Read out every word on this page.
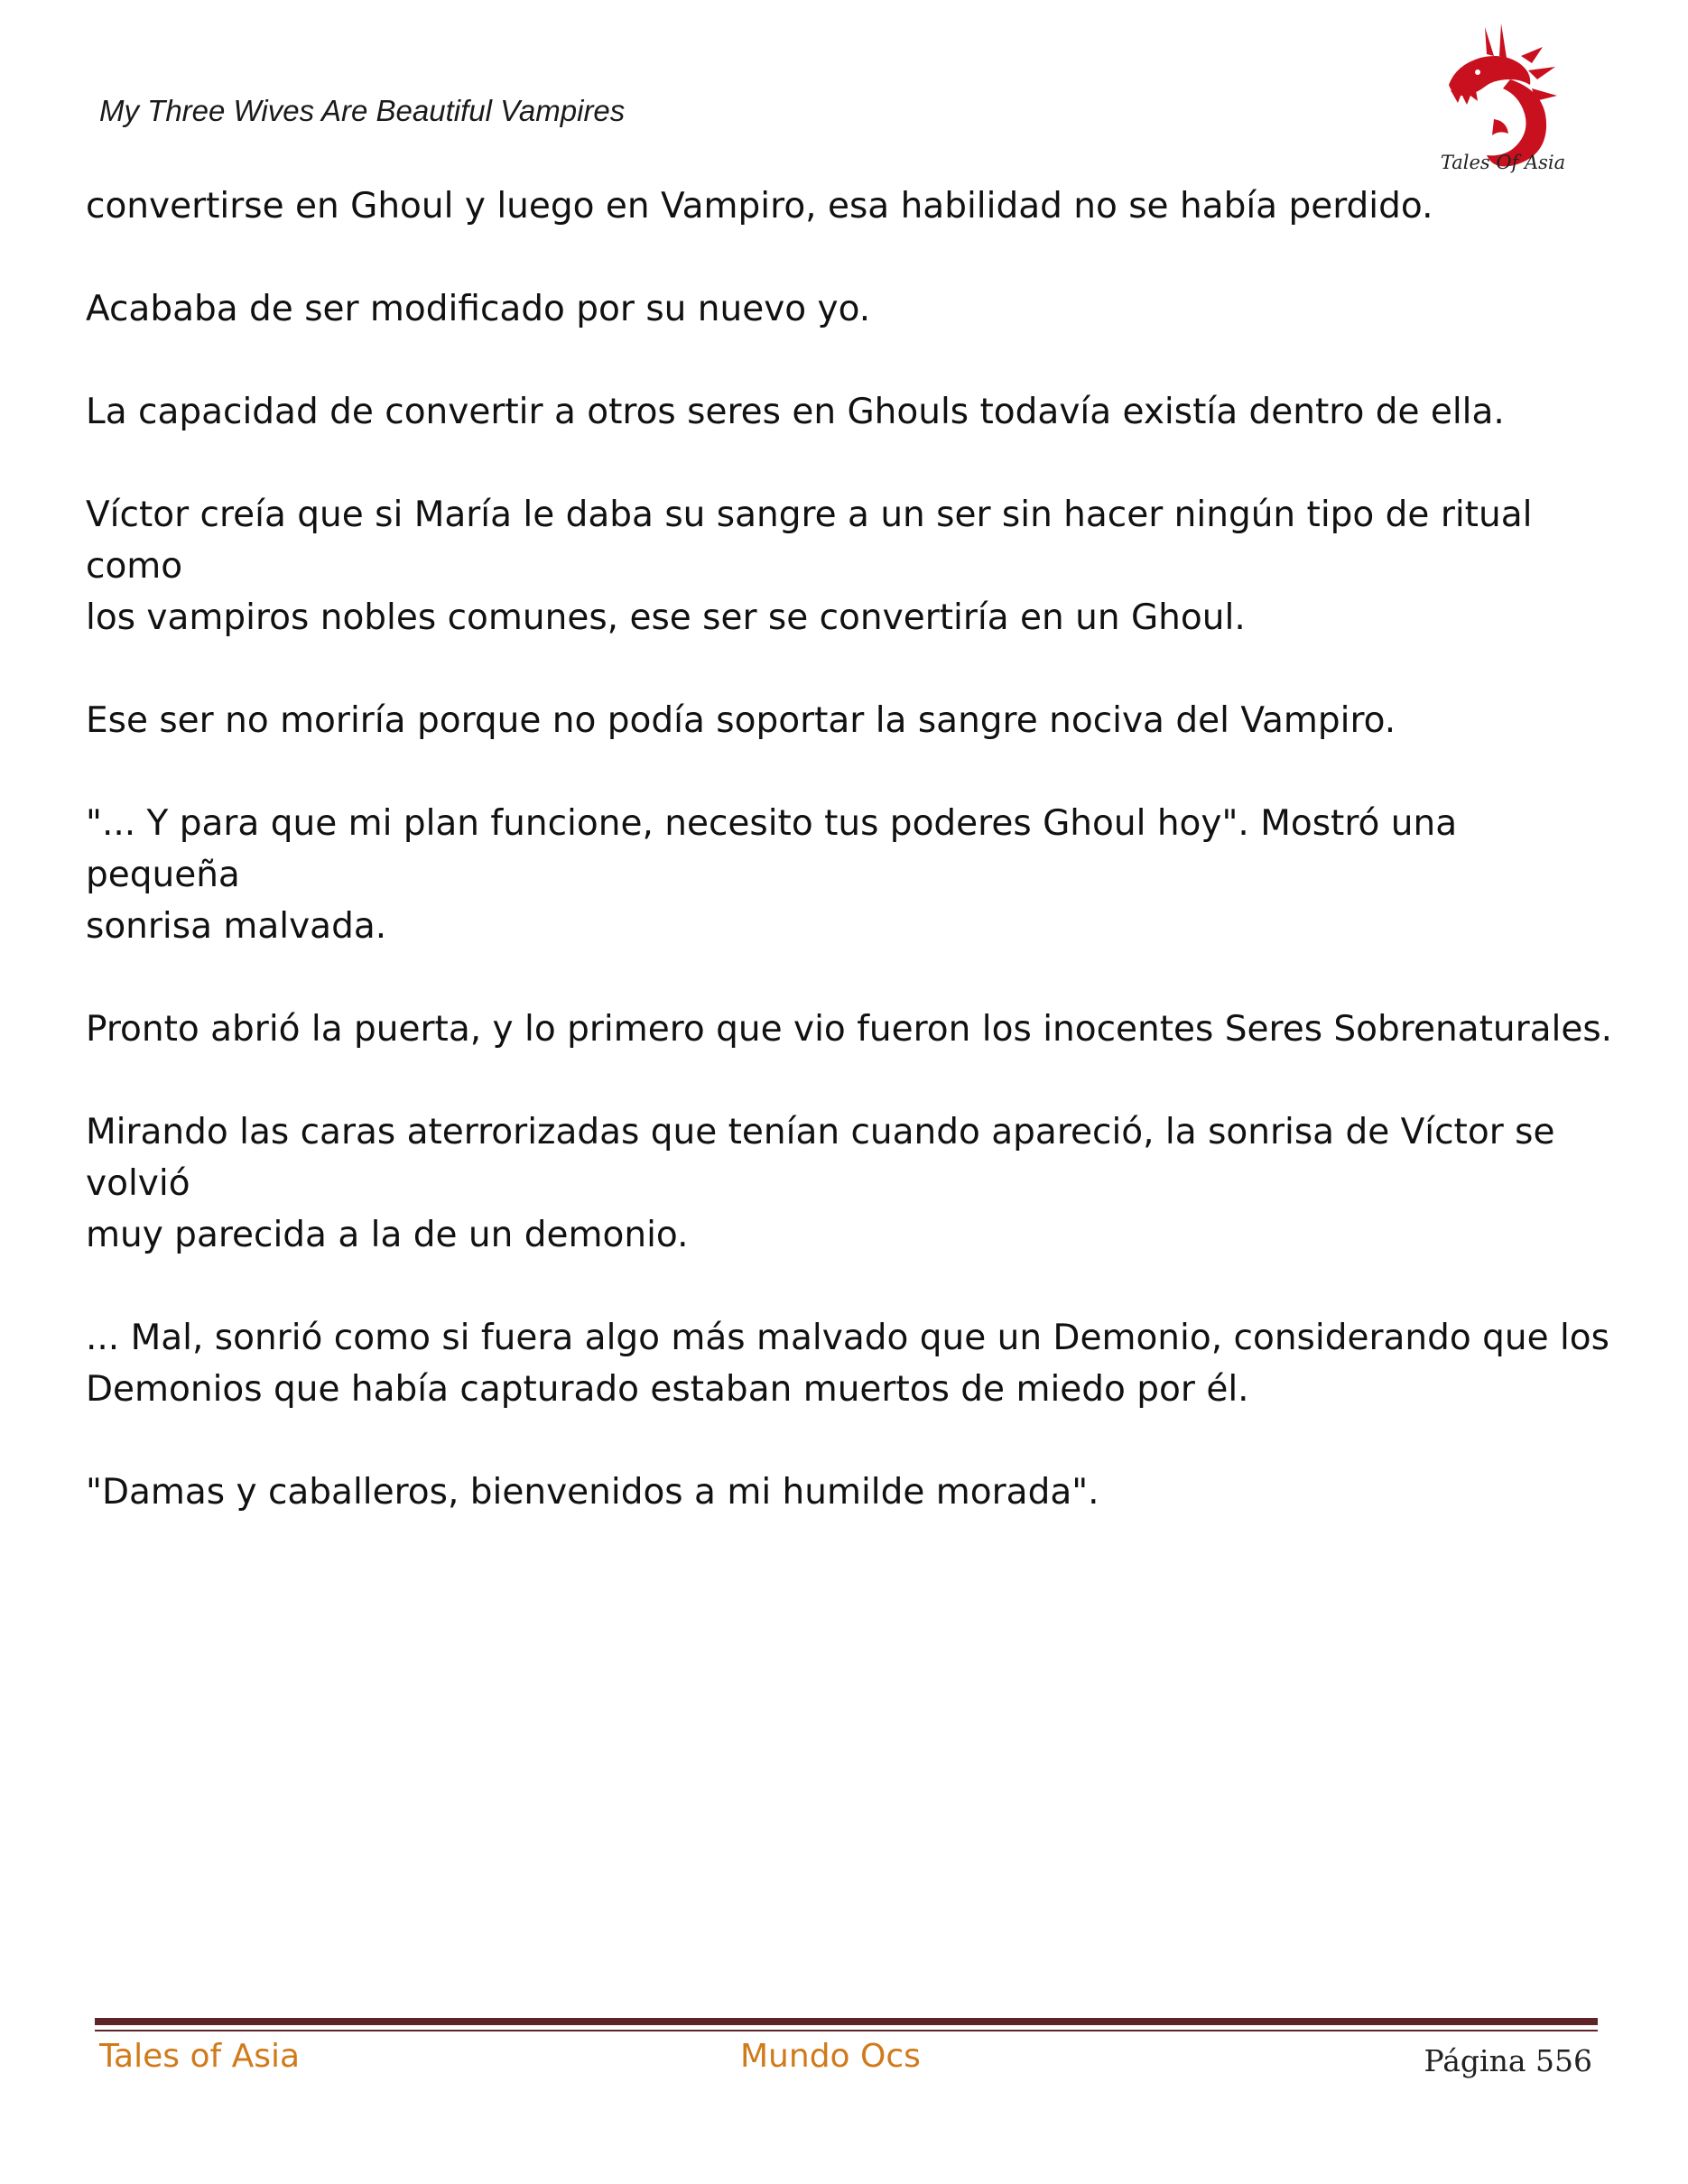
My Three Wives Are Beautiful Vampires
Tales Of Asia

convertirse en Ghoul y luego en Vampiro, esa habilidad no se había perdido.

Acababa de ser modificado por su nuevo yo.

La capacidad de convertir a otros seres en Ghouls todavía existía dentro de ella.

Víctor creía que si María le daba su sangre a un ser sin hacer ningún tipo de ritual como
los vampiros nobles comunes, ese ser se convertiría en un Ghoul.

Ese ser no moriría porque no podía soportar la sangre nociva del Vampiro.

"... Y para que mi plan funcione, necesito tus poderes Ghoul hoy". Mostró una pequeña
sonrisa malvada.

Pronto abrió la puerta, y lo primero que vio fueron los inocentes Seres Sobrenaturales.

Mirando las caras aterrorizadas que tenían cuando apareció, la sonrisa de Víctor se volvió
muy parecida a la de un demonio.

... Mal, sonrió como si fuera algo más malvado que un Demonio, considerando que los
Demonios que había capturado estaban muertos de miedo por él.

"Damas y caballeros, bienvenidos a mi humilde morada".

Tales of Asia	Mundo Ocs	Página 556
